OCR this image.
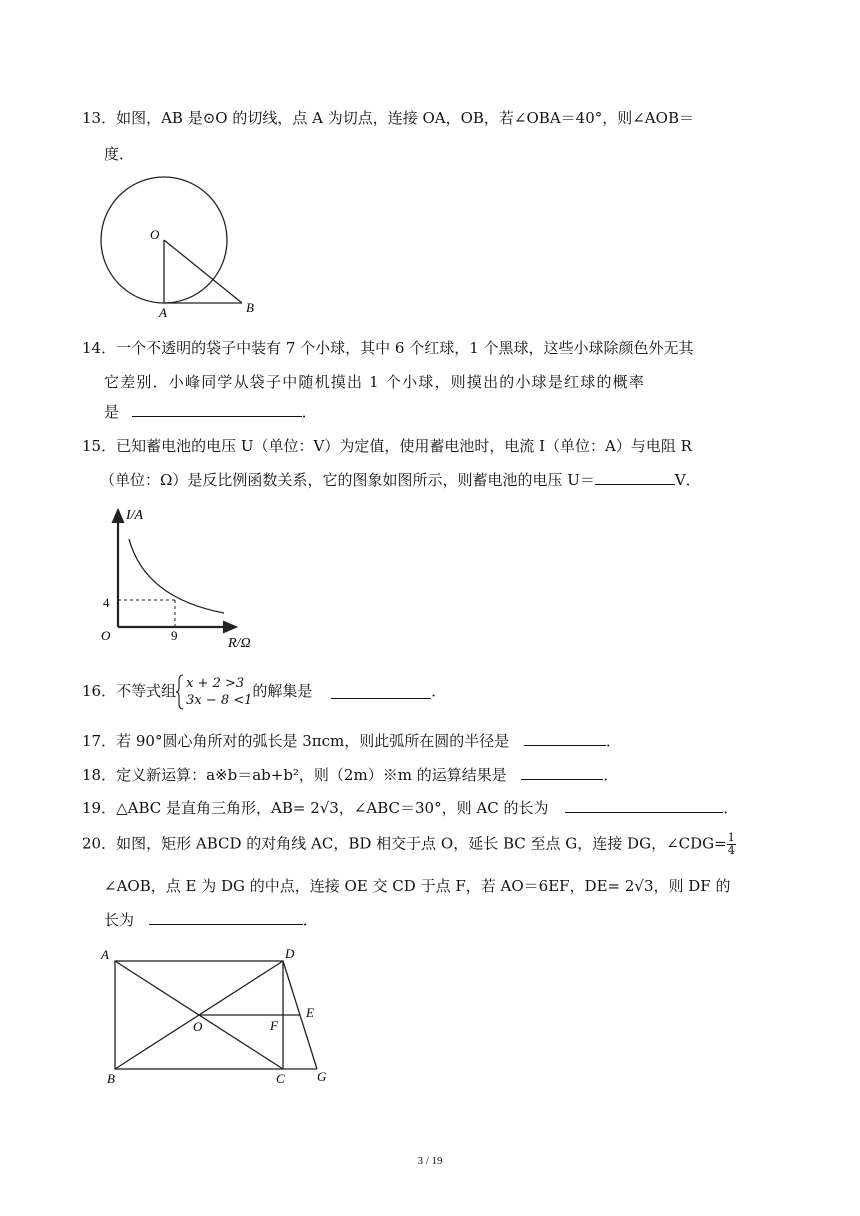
13．如图，AB 是⊙O 的切线，点 A 为切点，连接 OA，OB，若∠OBA＝40°，则∠AOB＝
度．
O
A	B
14．一个不透明的袋子中装有 7 个小球，其中 6 个红球，1 个黑球，这些小球除颜色外无其
它差别．小峰同学从袋子中随机摸出 1 个小球，则摸出的小球是红球的概率
是	．
15．已知蓄电池的电压 U（单位：V）为定值，使用蓄电池时，电流 I（单位：A）与电阻 R
（单位：Ω）是反比例函数关系，它的图象如图所示，则蓄电池的电压 U＝	V．
I/A
4
O	9
R/Ω
16．不等式组 x + 2 >3
3x − 8 <1
的解集是	．
17．若 90°圆心角所对的弧长是 3πcm，则此弧所在圆的半径是	．
18．定义新运算：a※b＝ab+b²，则（2m）※m 的运算结果是	．
19．△ABC 是直角三角形，AB= 2√3，∠ABC＝30°，则 AC 的长为	．
20．如图，矩形 ABCD 的对角线 AC，BD 相交于点 O，延长 BC 至点 G，连接 DG，∠CDG= $\frac{1}{4}$
∠AOB，点 E 为 DG 的中点，连接 OE 交 CD 于点 F，若 AO＝6EF，DE= 2√3，则 DF 的
长为	．
A	D
O	F
E
B	C G
3 / 19
